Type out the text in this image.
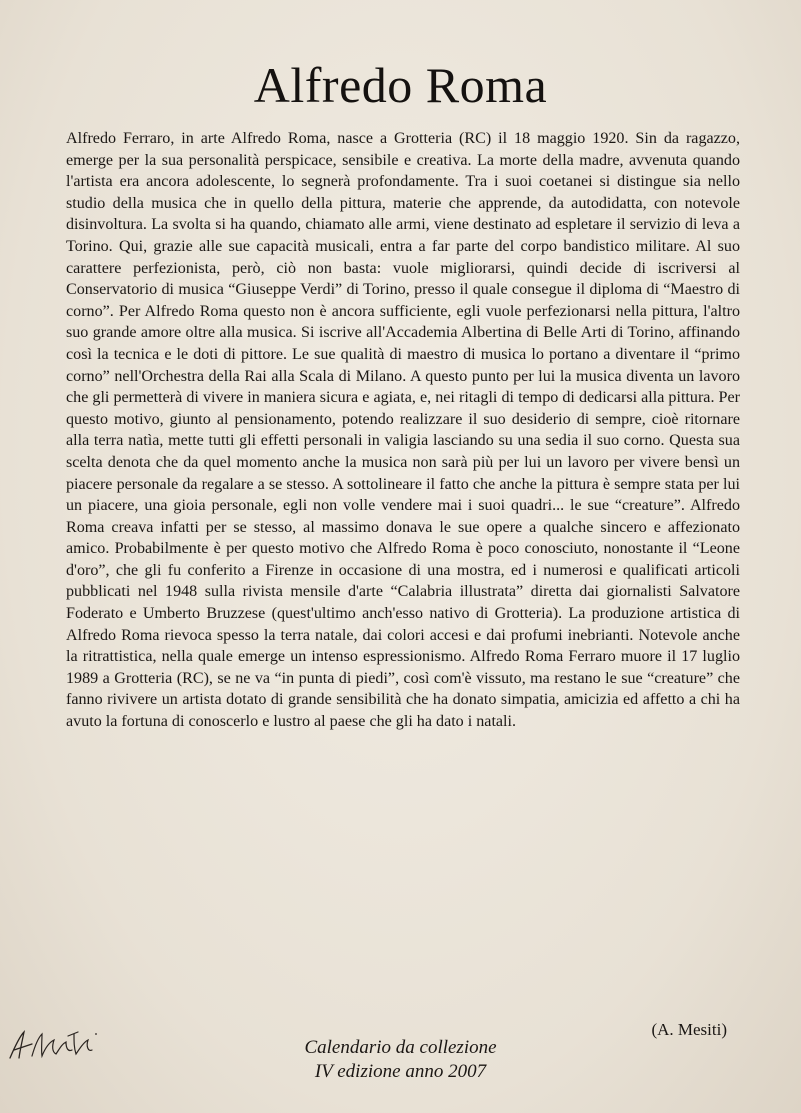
Alfredo Roma

Alfredo Ferraro, in arte Alfredo Roma, nasce a Grotteria (RC) il 18 maggio 1920. Sin da ragazzo, emerge per la sua personalità perspicace, sensibile e creativa. La morte della madre, avvenuta quando l'artista era ancora adolescente, lo segnerà profondamente. Tra i suoi coetanei si distingue sia nello studio della musica che in quello della pittura, materie che apprende, da autodidatta, con notevole disinvoltura. La svolta si ha quando, chiamato alle armi, viene destinato ad espletare il servizio di leva a Torino. Qui, grazie alle sue capacità musicali, entra a far parte del corpo bandistico militare. Al suo carattere perfezionista, però, ciò non basta: vuole migliorarsi, quindi decide di iscriversi al Conservatorio di musica “Giuseppe Verdi” di Torino, presso il quale consegue il diploma di “Maestro di corno”. Per Alfredo Roma questo non è ancora sufficiente, egli vuole perfezionarsi nella pittura, l'altro suo grande amore oltre alla musica. Si iscrive all'Accademia Albertina di Belle Arti di Torino, affinando così la tecnica e le doti di pittore. Le sue qualità di maestro di musica lo portano a diventare il “primo corno” nell'Orchestra della Rai alla Scala di Milano. A questo punto per lui la musica diventa un lavoro che gli permetterà di vivere in maniera sicura e agiata, e, nei ritagli di tempo di dedicarsi alla pittura. Per questo motivo, giunto al pensionamento, potendo realizzare il suo desiderio di sempre, cioè ritornare alla terra natìa, mette tutti gli effetti personali in valigia lasciando su una sedia il suo corno. Questa sua scelta denota che da quel momento anche la musica non sarà più per lui un lavoro per vivere bensì un piacere personale da regalare a se stesso. A sottolineare il fatto che anche la pittura è sempre stata per lui un piacere, una gioia personale, egli non volle vendere mai i suoi quadri... le sue “creature”. Alfredo Roma creava infatti per se stesso, al massimo donava le sue opere a qualche sincero e affezionato amico. Probabilmente è per questo motivo che Alfredo Roma è poco conosciuto, nonostante il “Leone d'oro”, che gli fu conferito a Firenze in occasione di una mostra, ed i numerosi e qualificati articoli pubblicati nel 1948 sulla rivista mensile d'arte “Calabria illustrata” diretta dai giornalisti Salvatore Foderato e Umberto Bruzzese (quest'ultimo anch'esso nativo di Grotteria). La produzione artistica di Alfredo Roma rievoca spesso la terra natale, dai colori accesi e dai profumi inebrianti. Notevole anche la ritrattistica, nella quale emerge un intenso espressionismo. Alfredo Roma Ferraro muore il 17 luglio 1989 a Grotteria (RC), se ne va “in punta di piedi”, così com'è vissuto, ma restano le sue “creature” che fanno rivivere un artista dotato di grande sensibilità che ha donato simpatia, amicizia ed affetto a chi ha avuto la fortuna di conoscerlo e lustro al paese che gli ha dato i natali.

(A. Mesiti)
Calendario da collezione
IV edizione anno 2007
